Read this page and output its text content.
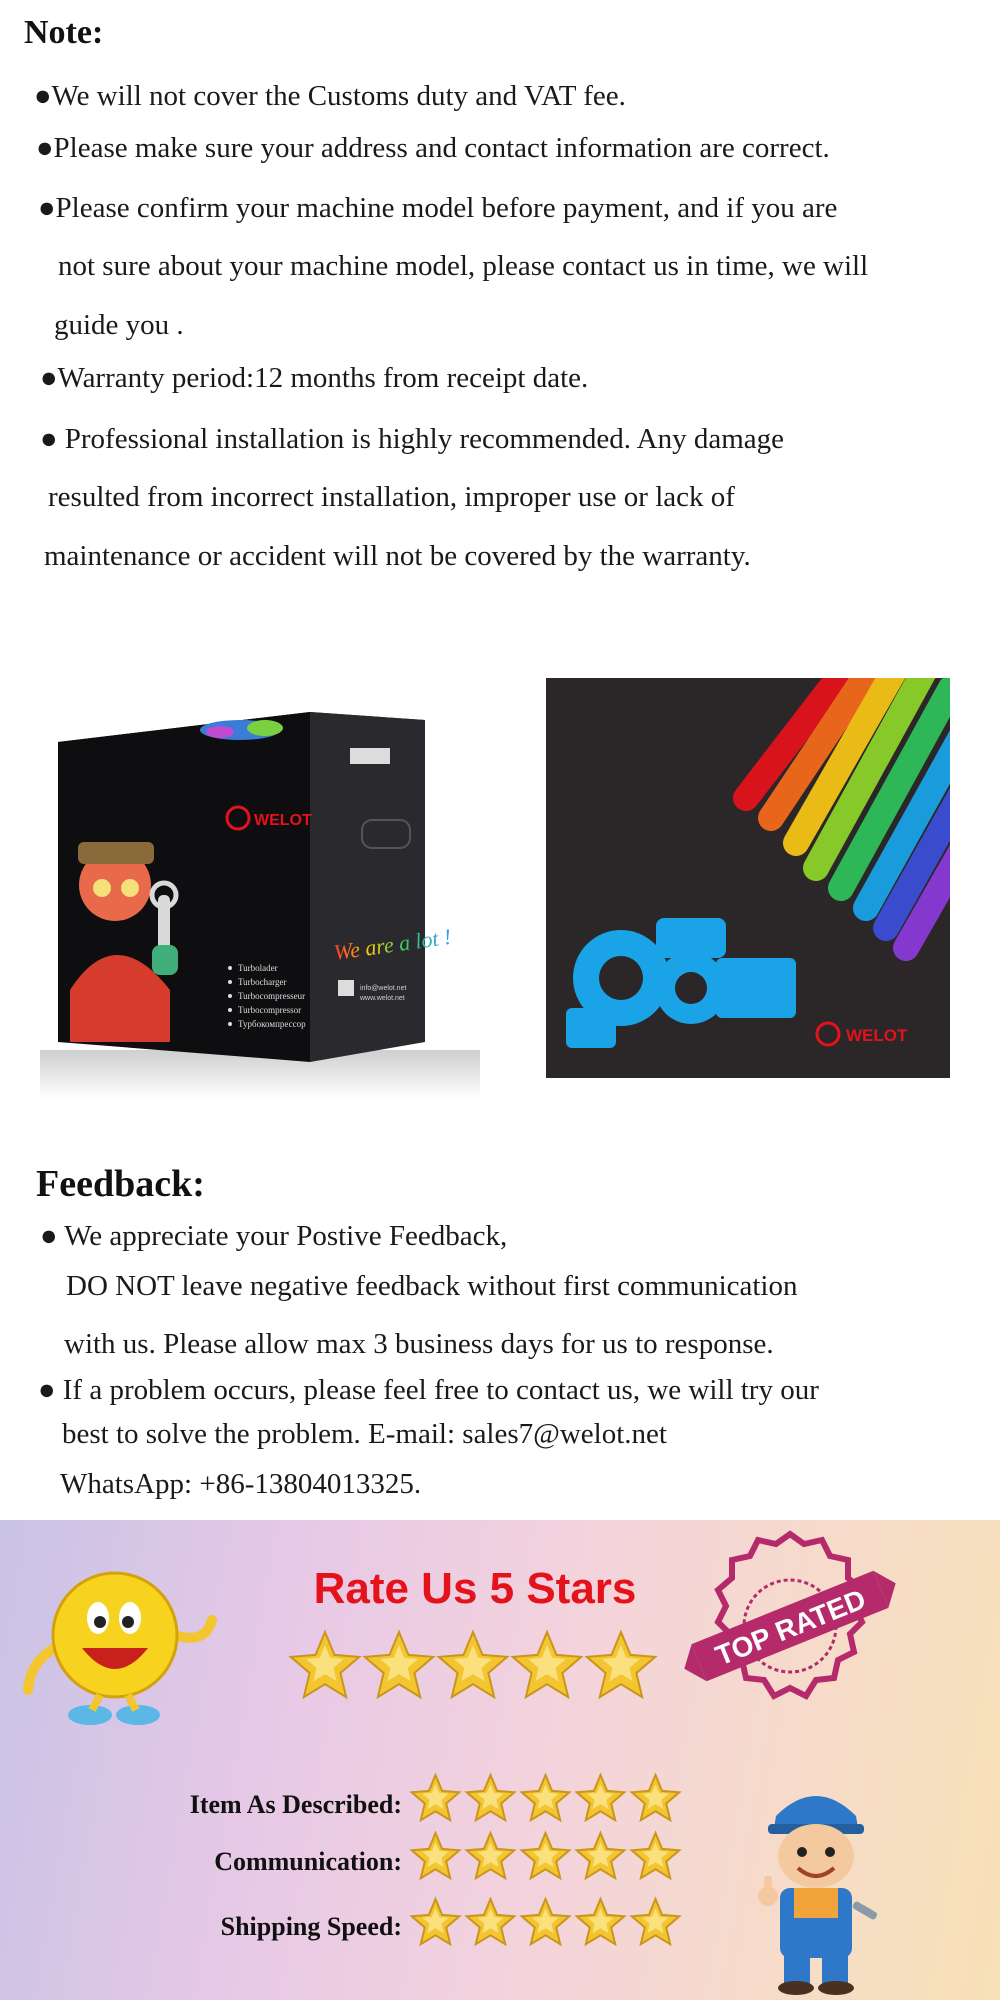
Note:
●We will not cover the Customs duty and VAT fee.
●Please make sure your address and contact information are correct.
●Please confirm your machine model before payment, and if you are
not sure about your machine model, please contact us in time, we will
guide you .
●Warranty period:12 months from receipt date.
● Professional installation is highly recommended. Any damage
resulted from incorrect installation, improper use or lack of
maintenance or accident will not be covered by the warranty.
WELOT
Turbolader
Turbocharger
Turbocompresseur
Turbocompressor
Турбокомпрессор
We are a lot !
info@welot.net
www.welot.net
WELOT
Feedback:
● We appreciate your Postive Feedback,
DO NOT leave negative feedback without first communication
with us. Please allow max 3 business days for us to response.
● If a problem occurs, please feel free to contact us, we will try our
best to solve the problem. E-mail: sales7@welot.net
WhatsApp: +86-13804013325.
Rate Us 5 Stars	TOP RATED
Item As Described:
Communication:
Shipping Speed:
